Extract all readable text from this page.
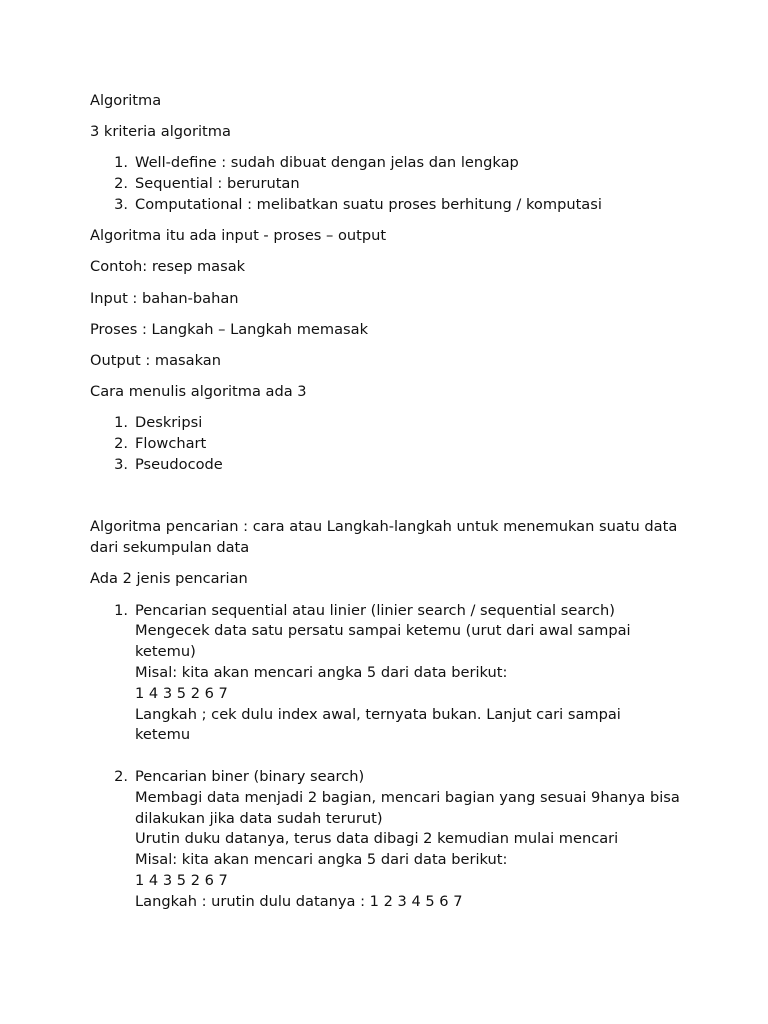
Algoritma

3 kriteria algoritma

1. Well-define : sudah dibuat dengan jelas dan lengkap
2. Sequential : berurutan
3. Computational : melibatkan suatu proses berhitung / komputasi

Algoritma itu ada input - proses – output

Contoh: resep masak

Input : bahan-bahan

Proses : Langkah – Langkah memasak

Output : masakan

Cara menulis algoritma ada 3

1. Deskripsi
2. Flowchart
3. Pseudocode

Algoritma pencarian : cara atau Langkah-langkah untuk menemukan suatu data dari sekumpulan data

Ada 2 jenis pencarian

1. Pencarian sequential atau linier (linier search / sequential search)
Mengecek data satu persatu sampai ketemu (urut dari awal sampai ketemu)
Misal: kita akan mencari angka 5 dari data berikut:
1 4 3 5 2 6 7
Langkah ; cek dulu index awal, ternyata bukan. Lanjut cari sampai ketemu
2. Pencarian biner (binary search)
Membagi data menjadi 2 bagian, mencari bagian yang sesuai 9hanya bisa dilakukan jika data sudah terurut)
Urutin duku datanya, terus data dibagi 2 kemudian mulai mencari
Misal: kita akan mencari angka 5 dari data berikut:
1 4 3 5 2 6 7
Langkah : urutin dulu datanya : 1 2 3 4 5 6 7
